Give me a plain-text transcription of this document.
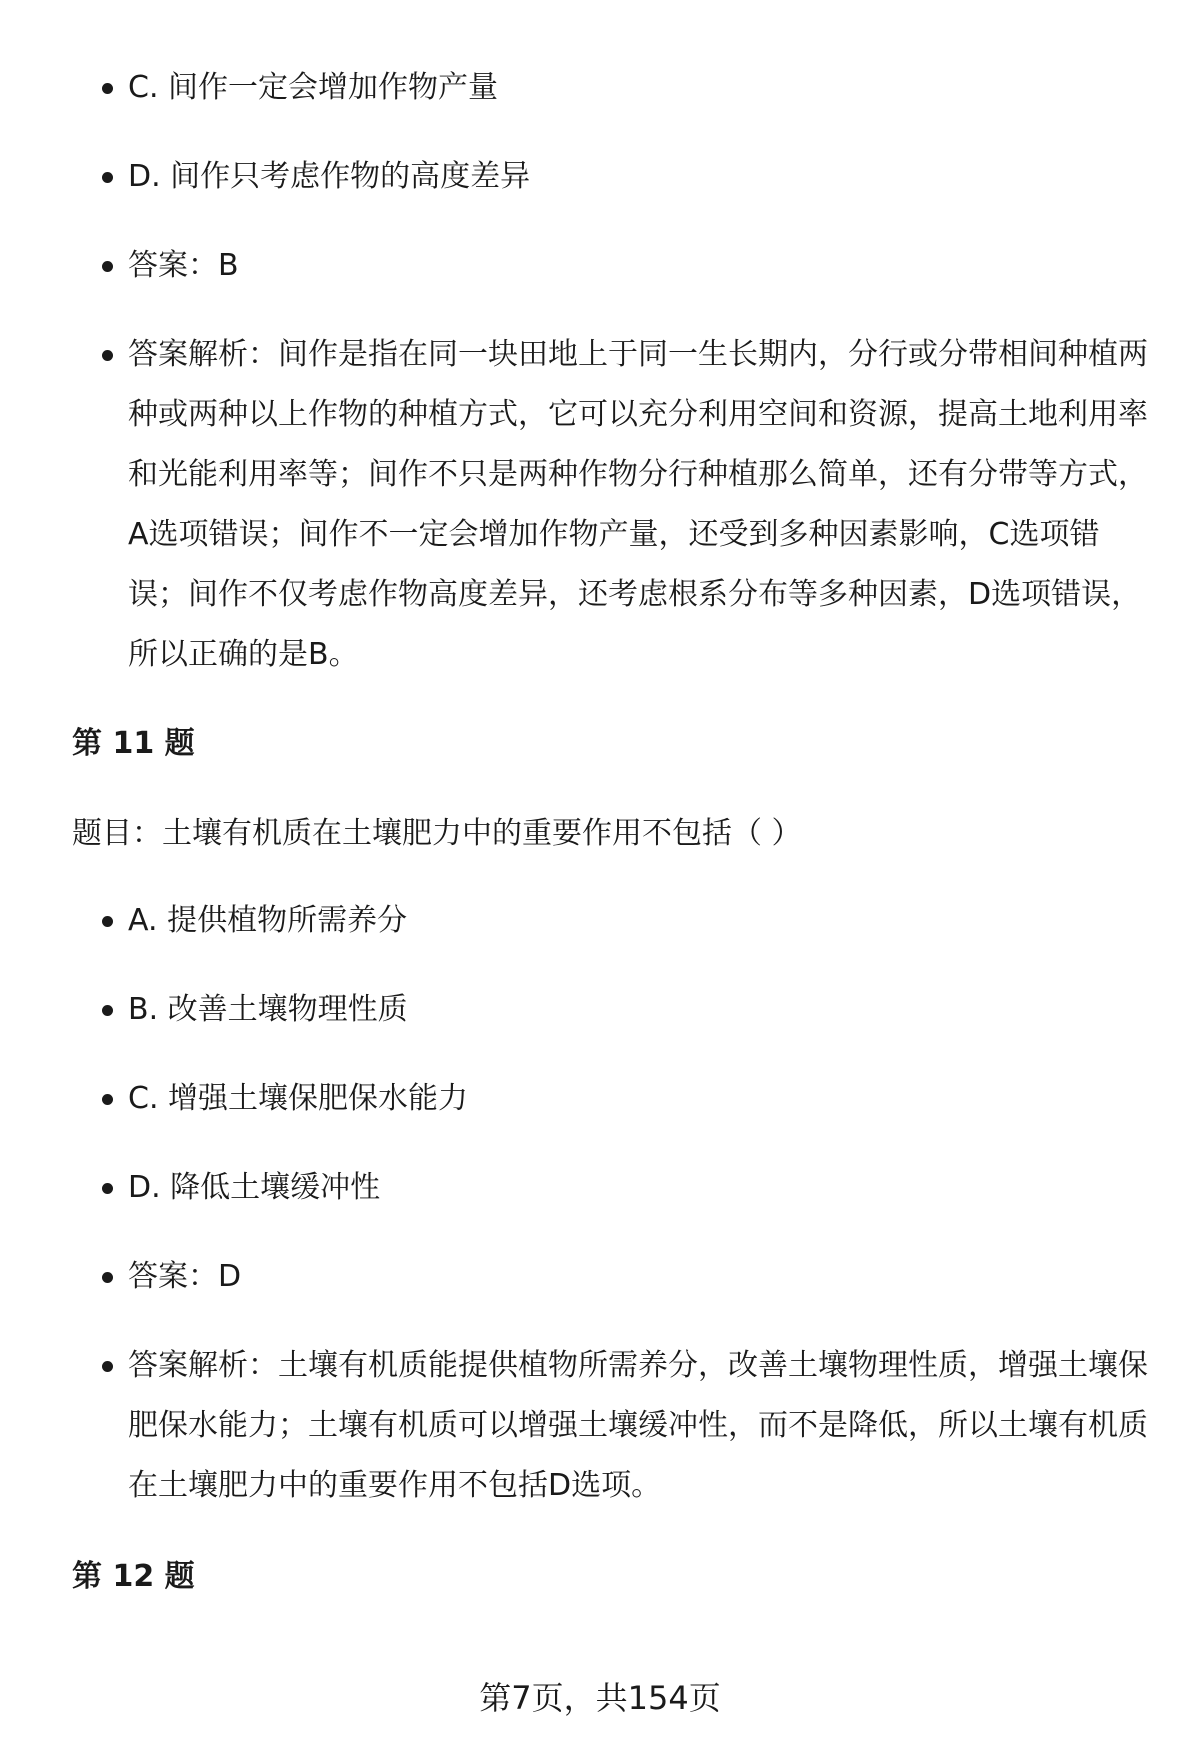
C. 间作一定会增加作物产量
D. 间作只考虑作物的高度差异
答案：B
答案解析：间作是指在同一块田地上于同一生长期内，分行或分带相间种植两种或两种以上作物的种植方式，它可以充分利用空间和资源，提高土地利用率和光能利用率等；间作不只是两种作物分行种植那么简单，还有分带等方式，A选项错误；间作不一定会增加作物产量，还受到多种因素影响，C选项错误；间作不仅考虑作物高度差异，还考虑根系分布等多种因素，D选项错误，所以正确的是B。
第 11 题
题目：土壤有机质在土壤肥力中的重要作用不包括（ ）
A. 提供植物所需养分
B. 改善土壤物理性质
C. 增强土壤保肥保水能力
D. 降低土壤缓冲性
答案：D
答案解析：土壤有机质能提供植物所需养分，改善土壤物理性质，增强土壤保肥保水能力；土壤有机质可以增强土壤缓冲性，而不是降低，所以土壤有机质在土壤肥力中的重要作用不包括D选项。
第 12 题
第7页，共154页
